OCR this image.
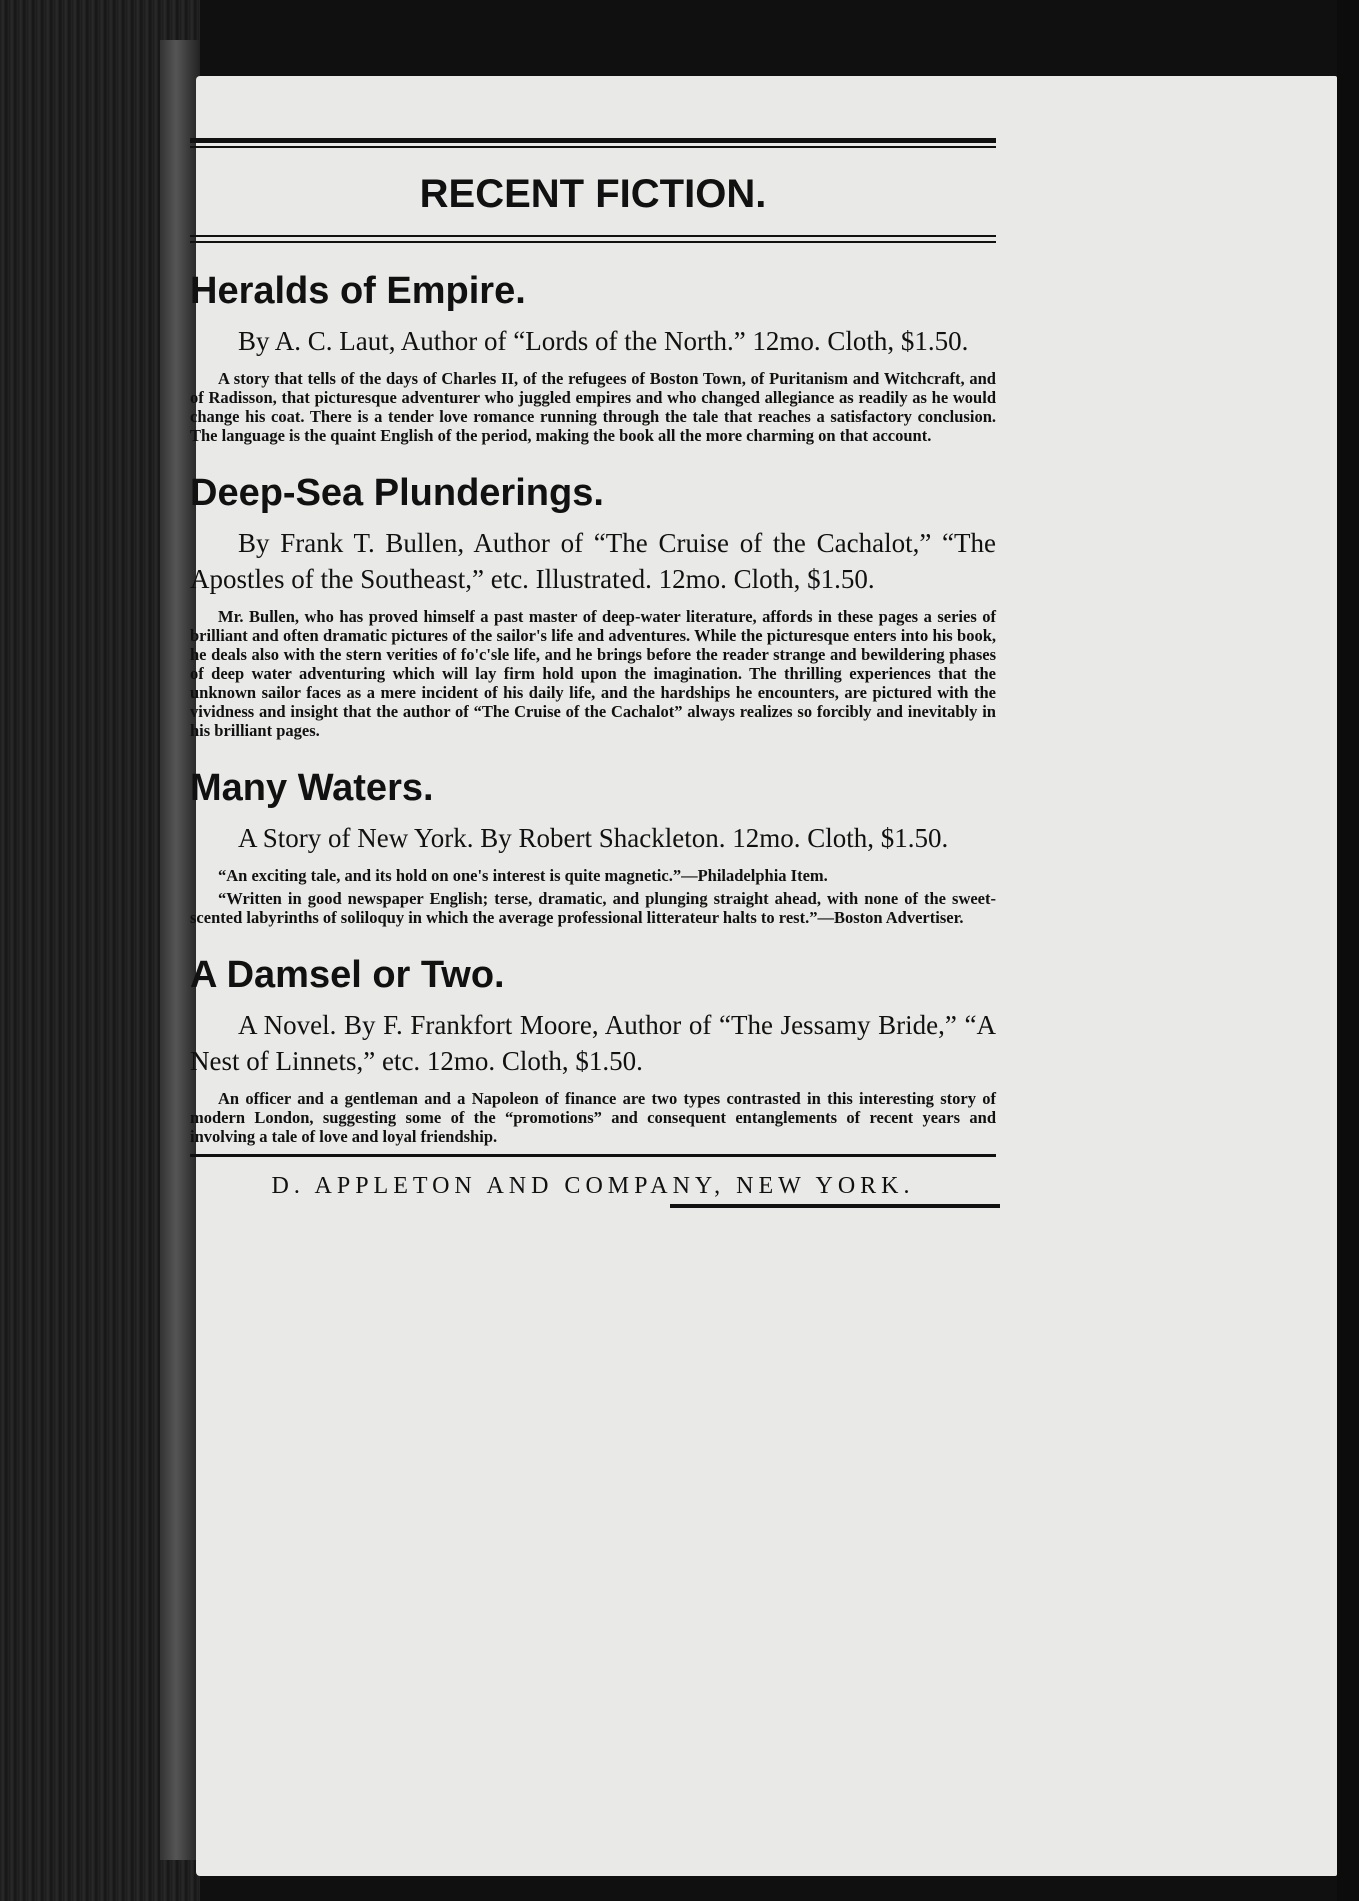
RECENT FICTION.
Heralds of Empire.
By A. C. Laut, Author of “Lords of the North.” 12mo. Cloth, $1.50.

A story that tells of the days of Charles II, of the refugees of Boston Town, of Puritanism and Witchcraft, and of Radisson, that picturesque adventurer who juggled empires and who changed allegiance as readily as he would change his coat. There is a tender love romance running through the tale that reaches a satisfactory conclusion. The language is the quaint English of the period, making the book all the more charming on that account.

Deep-Sea Plunderings.
By Frank T. Bullen, Author of “The Cruise of the Cachalot,” “The Apostles of the Southeast,” etc. Illustrated. 12mo. Cloth, $1.50.

Mr. Bullen, who has proved himself a past master of deep-water literature, affords in these pages a series of brilliant and often dramatic pictures of the sailor's life and adventures. While the picturesque enters into his book, he deals also with the stern verities of fo'c'sle life, and he brings before the reader strange and bewildering phases of deep water adventuring which will lay firm hold upon the imagination. The thrilling experiences that the unknown sailor faces as a mere incident of his daily life, and the hardships he encounters, are pictured with the vividness and insight that the author of “The Cruise of the Cachalot” always realizes so forcibly and inevitably in his brilliant pages.

Many Waters.
A Story of New York. By Robert Shackleton. 12mo. Cloth, $1.50.

“An exciting tale, and its hold on one's interest is quite magnetic.”—Philadelphia Item.

“Written in good newspaper English; terse, dramatic, and plunging straight ahead, with none of the sweet-scented labyrinths of soliloquy in which the average professional litterateur halts to rest.”—Boston Advertiser.

A Damsel or Two.
A Novel. By F. Frankfort Moore, Author of “The Jessamy Bride,” “A Nest of Linnets,” etc. 12mo. Cloth, $1.50.

An officer and a gentleman and a Napoleon of finance are two types contrasted in this interesting story of modern London, suggesting some of the “promotions” and consequent entanglements of recent years and involving a tale of love and loyal friendship.

D. APPLETON AND COMPANY, NEW YORK.
